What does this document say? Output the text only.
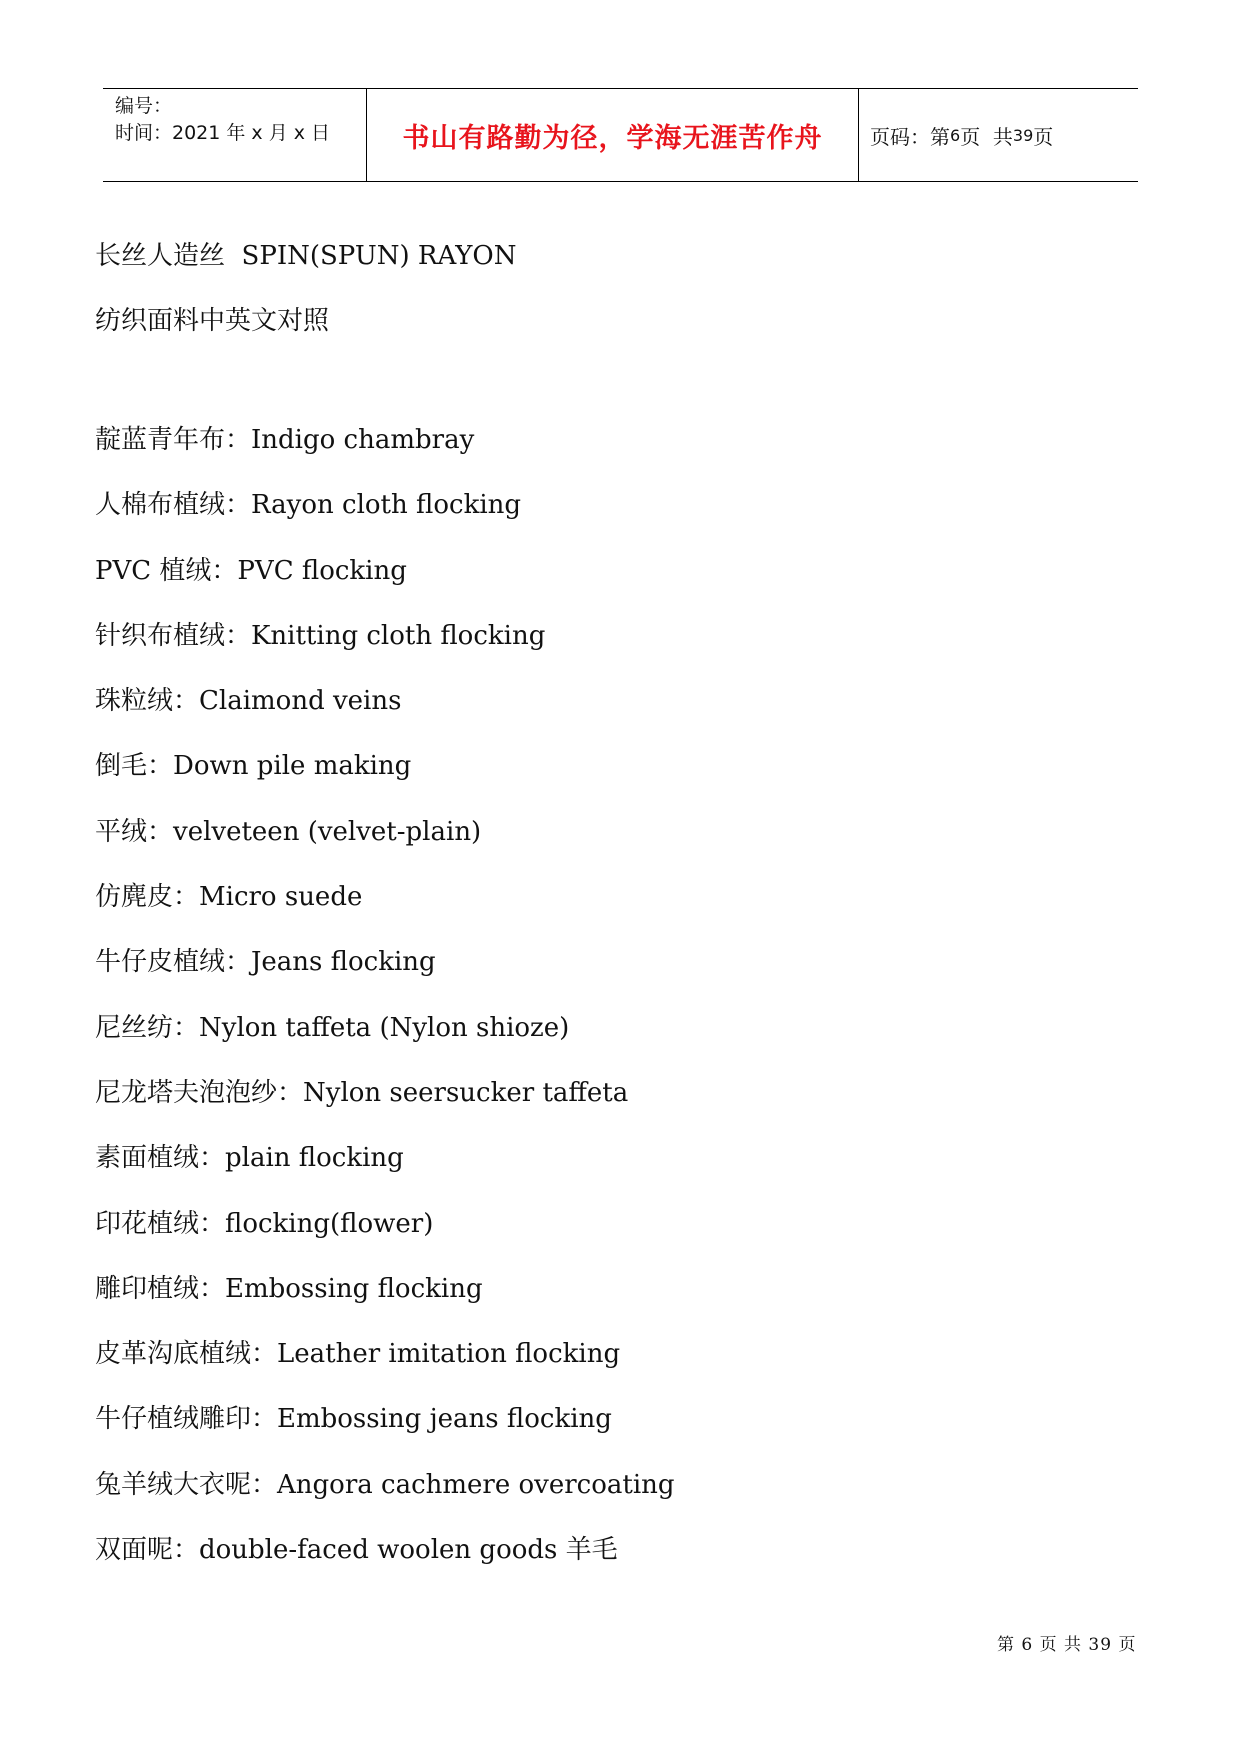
编号：
时间：2021 年 x 月 x 日	书山有路勤为径，学海无涯苦作舟	页码：第 6 页  共 39 页
长丝人造丝  SPIN(SPUN) RAYON
纺织面料中英文对照
靛蓝青年布：Indigo chambray
人棉布植绒：Rayon cloth flocking
PVC 植绒：PVC flocking
针织布植绒：Knitting cloth flocking
珠粒绒：Claimond veins
倒毛：Down pile making
平绒：velveteen (velvet-plain)
仿麂皮：Micro suede
牛仔皮植绒：Jeans flocking
尼丝纺：Nylon taffeta (Nylon shioze)
尼龙塔夫泡泡纱：Nylon seersucker taffeta
素面植绒：plain flocking
印花植绒：flocking(flower)
雕印植绒：Embossing flocking
皮革沟底植绒：Leather imitation flocking
牛仔植绒雕印：Embossing jeans flocking
兔羊绒大衣呢：Angora cachmere overcoating
双面呢：double-faced woolen goods 羊毛
第 6 页 共 39 页
